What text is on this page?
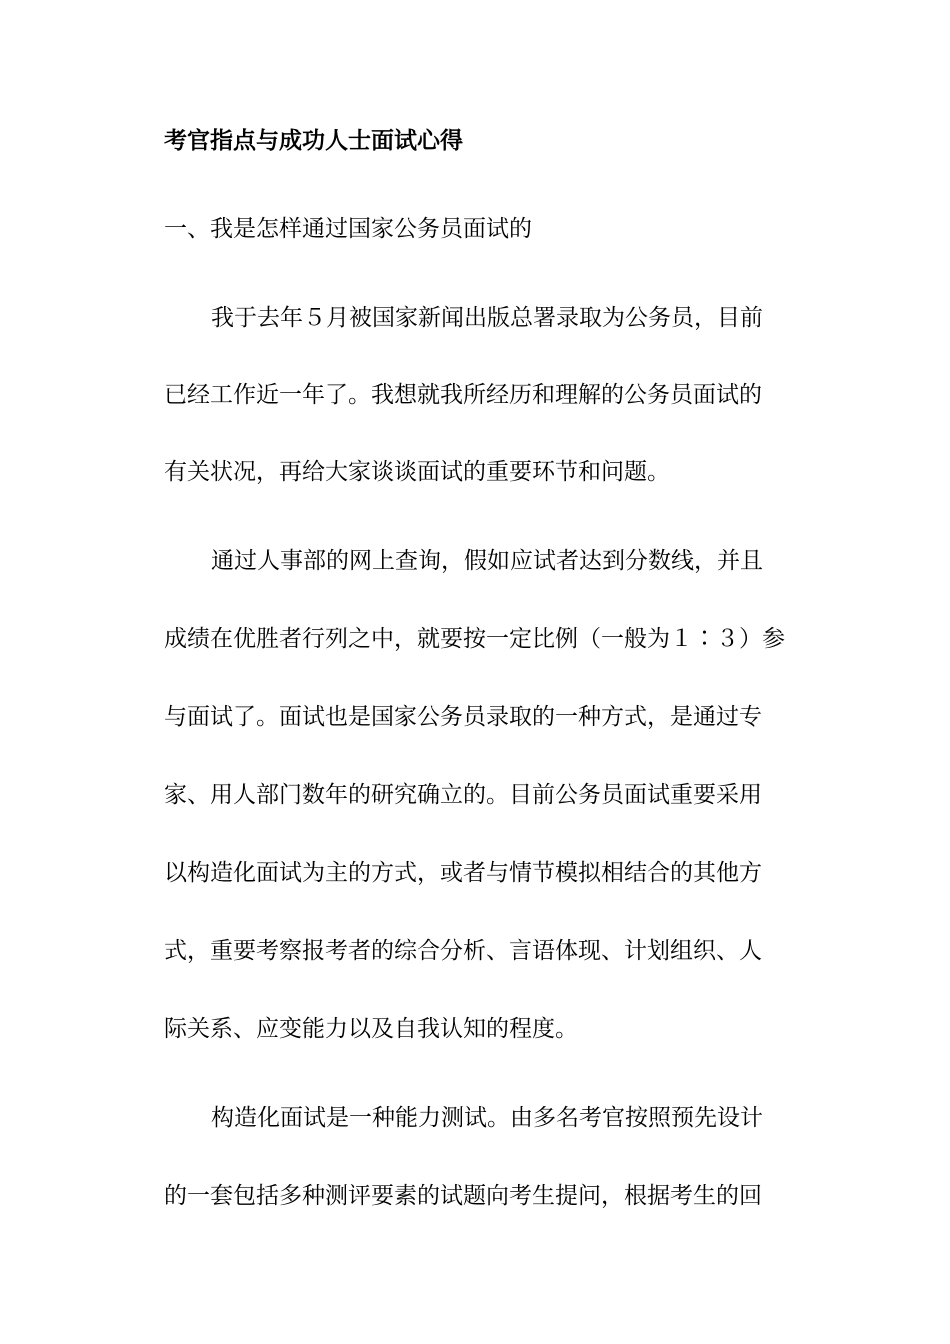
考官指点与成功人士面试心得
一、我是怎样通过国家公务员面试的
我于去年５月被国家新闻出版总署录取为公务员，目前
已经工作近一年了。我想就我所经历和理解的公务员面试的
有关状况，再给大家谈谈面试的重要环节和问题。
通过人事部的网上查询，假如应试者达到分数线，并且
成绩在优胜者行列之中，就要按一定比例（一般为１∶３）参
与面试了。面试也是国家公务员录取的一种方式，是通过专
家、用人部门数年的研究确立的。目前公务员面试重要采用
以构造化面试为主的方式，或者与情节模拟相结合的其他方
式，重要考察报考者的综合分析、言语体现、计划组织、人
际关系、应变能力以及自我认知的程度。
构造化面试是一种能力测试。由多名考官按照预先设计
的一套包括多种测评要素的试题向考生提问，根据考生的回
